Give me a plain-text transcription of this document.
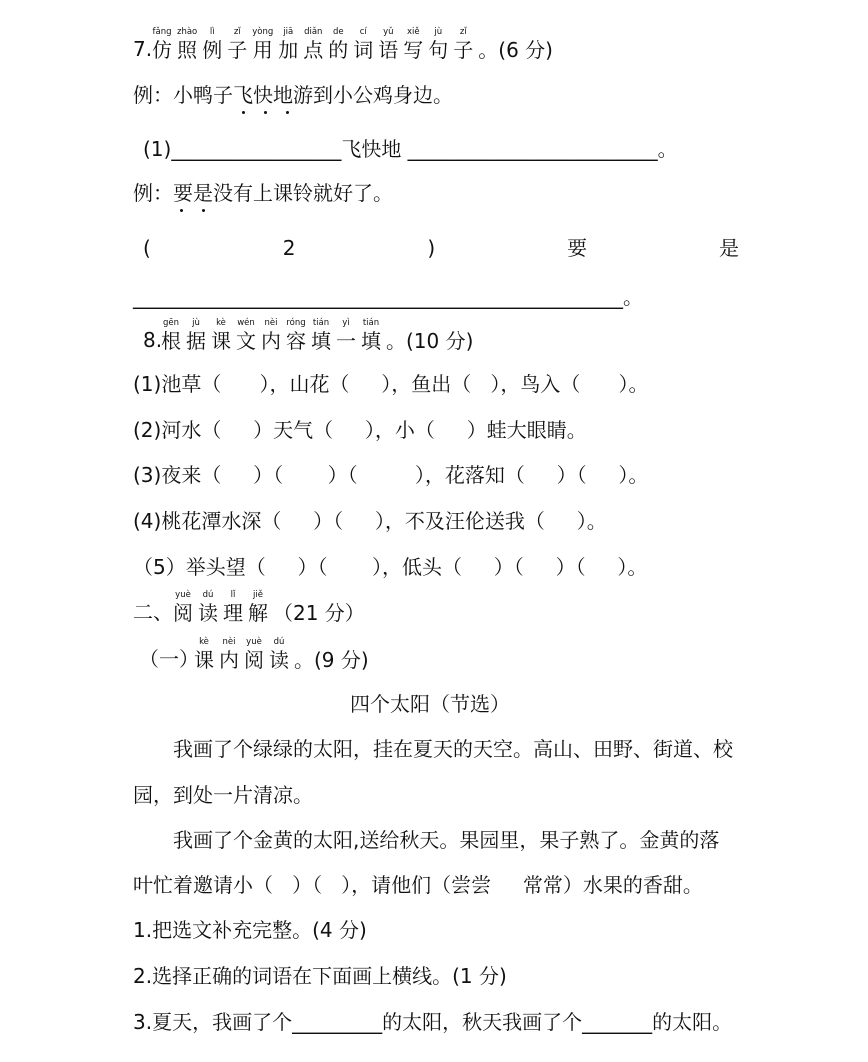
7.
fǎng
仿
zhào
照
lì
例
zǐ
子
yòng
用
jiā
加
diǎn
点
de
的
cí
词
yǔ
语
xiě
写
jù
句
zǐ
子 。(6 分)
例：小鸭子飞快地游到小公鸡身边。
(1)_________________飞快地 _________________________。
例：要是没有上课铃就好了。
(	2	)	要	是
_________________________________________________。
8.
gēn
根
jù
据
kè
课
wén
文
nèi
内
róng
容
tián
填
yì
一
tián
填 。(10 分)
(1)池草（      ），山花（     ），鱼出（   ），鸟入（      ）。
(2)河水（     ）天气（     ），小（     ）蛙大眼睛。
(3)夜来（     ）（       ）（         ），花落知（     ）（     ）。
(4)桃花潭水深（     ）（     ），不及汪伦送我（     ）。
（5）举头望（     ）（       ），低头（     ）（     ）（     ）。
二、
yuè
阅
dú
读
lǐ
理
jiě
解 （21 分）
（一）
kè
课
nèi
内
yuè
阅
dú
读 。(9 分)
四个太阳（节选）
我画了个绿绿的太阳，挂在夏天的天空。高山、田野、街道、校
园，到处一片清凉。
我画了个金黄的太阳,送给秋天。果园里，果子熟了。金黄的落
叶忙着邀请小（   ）（   ），请他们（尝尝     常常）水果的香甜。
1.把选文补充完整。(4 分)
2.选择正确的词语在下面画上横线。(1 分)
3.夏天，我画了个_________的太阳，秋天我画了个_______的太阳。
